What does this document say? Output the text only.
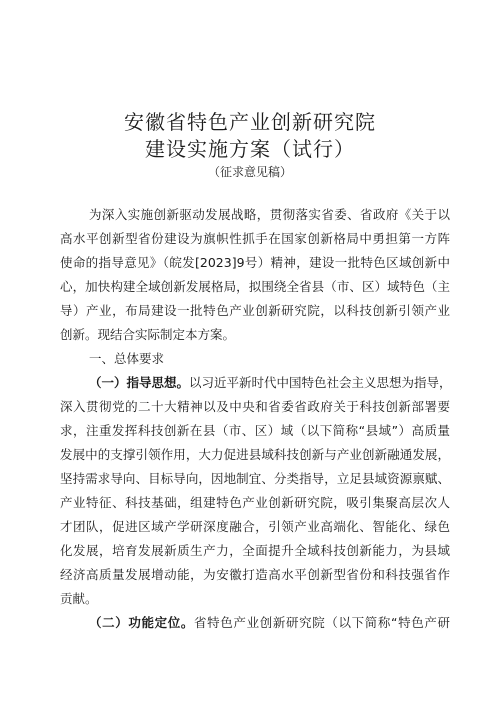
安徽省特色产业创新研究院
建设实施方案（试行）
（征求意见稿）
为深入实施创新驱动发展战略，贯彻落实省委、省政府《关于以
高水平创新型省份建设为旗帜性抓手在国家创新格局中勇担第一方阵
使命的指导意见》（皖发[2023]9号）精神，建设一批特色区域创新中
心，加快构建全域创新发展格局，拟围绕全省县（市、区）域特色（主
导）产业，布局建设一批特色产业创新研究院，以科技创新引领产业
创新。现结合实际制定本方案。
一、总体要求
（一）指导思想。以习近平新时代中国特色社会主义思想为指导，
深入贯彻党的二十大精神以及中央和省委省政府关于科技创新部署要
求，注重发挥科技创新在县（市、区）域（以下简称“县域”）高质量
发展中的支撑引领作用，大力促进县域科技创新与产业创新融通发展，
坚持需求导向、目标导向，因地制宜、分类指导，立足县域资源禀赋、
产业特征、科技基础，组建特色产业创新研究院，吸引集聚高层次人
才团队，促进区域产学研深度融合，引领产业高端化、智能化、绿色
化发展，培育发展新质生产力，全面提升全域科技创新能力，为县域
经济高质量发展增动能，为安徽打造高水平创新型省份和科技强省作
贡献。
（二）功能定位。省特色产业创新研究院（以下简称“特色产研
